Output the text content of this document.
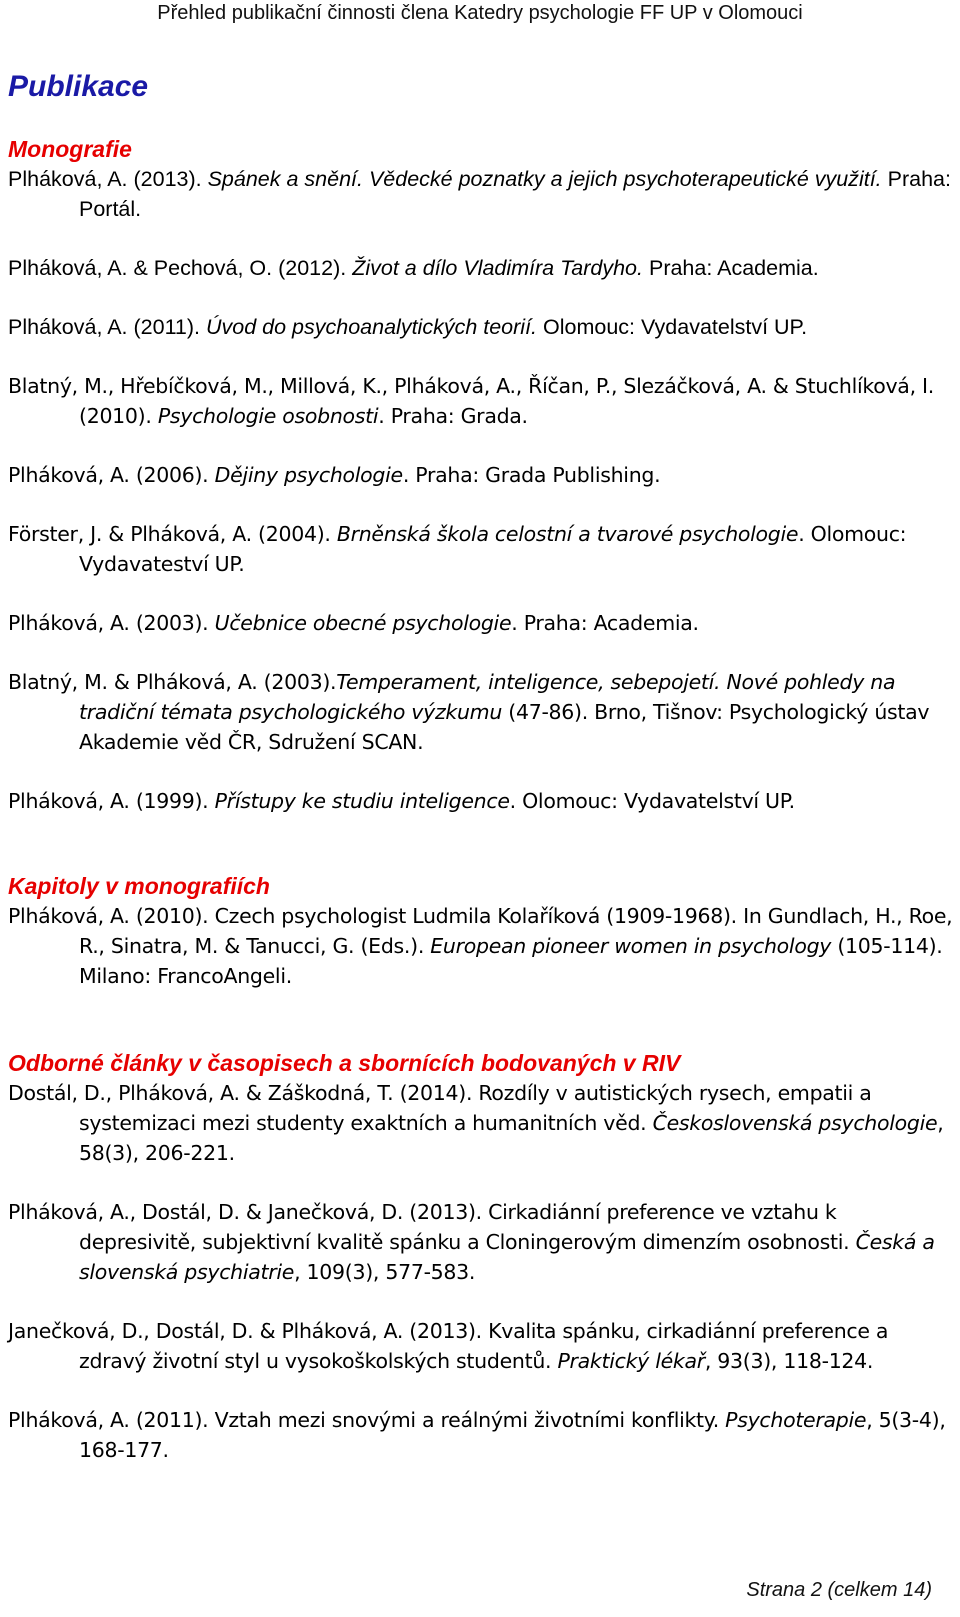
Přehled publikační činnosti člena Katedry psychologie FF UP v Olomouci
Publikace
Monografie

Plháková, A. (2013). Spánek a snění. Vědecké poznatky a jejich psychoterapeutické využití. Praha: Portál.

Plháková, A. & Pechová, O. (2012). Život a dílo Vladimíra Tardyho. Praha: Academia.

Plháková, A. (2011). Úvod do psychoanalytických teorií. Olomouc: Vydavatelství UP.

Blatný, M., Hřebíčková, M., Millová, K., Plháková, A., Říčan, P., Slezáčková, A. & Stuchlíková, I. (2010). Psychologie osobnosti. Praha: Grada.

Plháková, A. (2006). Dějiny psychologie. Praha: Grada Publishing.

Förster, J. & Plháková, A. (2004). Brněnská škola celostní a tvarové psychologie. Olomouc: Vydavateství UP.

Plháková, A. (2003). Učebnice obecné psychologie. Praha: Academia.

Blatný, M. & Plháková, A. (2003).Temperament, inteligence, sebepojetí. Nové pohledy na tradiční témata psychologického výzkumu (47-86). Brno, Tišnov: Psychologický ústav Akademie věd ČR, Sdružení SCAN.

Plháková, A. (1999). Přístupy ke studiu inteligence. Olomouc: Vydavatelství UP.

Kapitoly v monografiích

Plháková, A. (2010). Czech psychologist Ludmila Kolaříková (1909-1968). In Gundlach, H., Roe, R., Sinatra, M. & Tanucci, G. (Eds.). European pioneer women in psychology (105-114). Milano: FrancoAngeli.

Odborné články v časopisech a sbornících bodovaných v RIV

Dostál, D., Plháková, A. & Záškodná, T. (2014). Rozdíly v autistických rysech, empatii a systemizaci mezi studenty exaktních a humanitních věd. Československá psychologie, 58(3), 206-221.

Plháková, A., Dostál, D. & Janečková, D. (2013). Cirkadiánní preference ve vztahu k depresivitě, subjektivní kvalitě spánku a Cloningerovým dimenzím osobnosti. Česká a slovenská psychiatrie, 109(3), 577-583.

Janečková, D., Dostál, D. & Plháková, A. (2013). Kvalita spánku, cirkadiánní preference a zdravý životní styl u vysokoškolských studentů. Praktický lékař, 93(3), 118-124.

Plháková, A. (2011). Vztah mezi snovými a reálnými životními konflikty. Psychoterapie, 5(3-4), 168-177.

Strana 2 (celkem 14)
